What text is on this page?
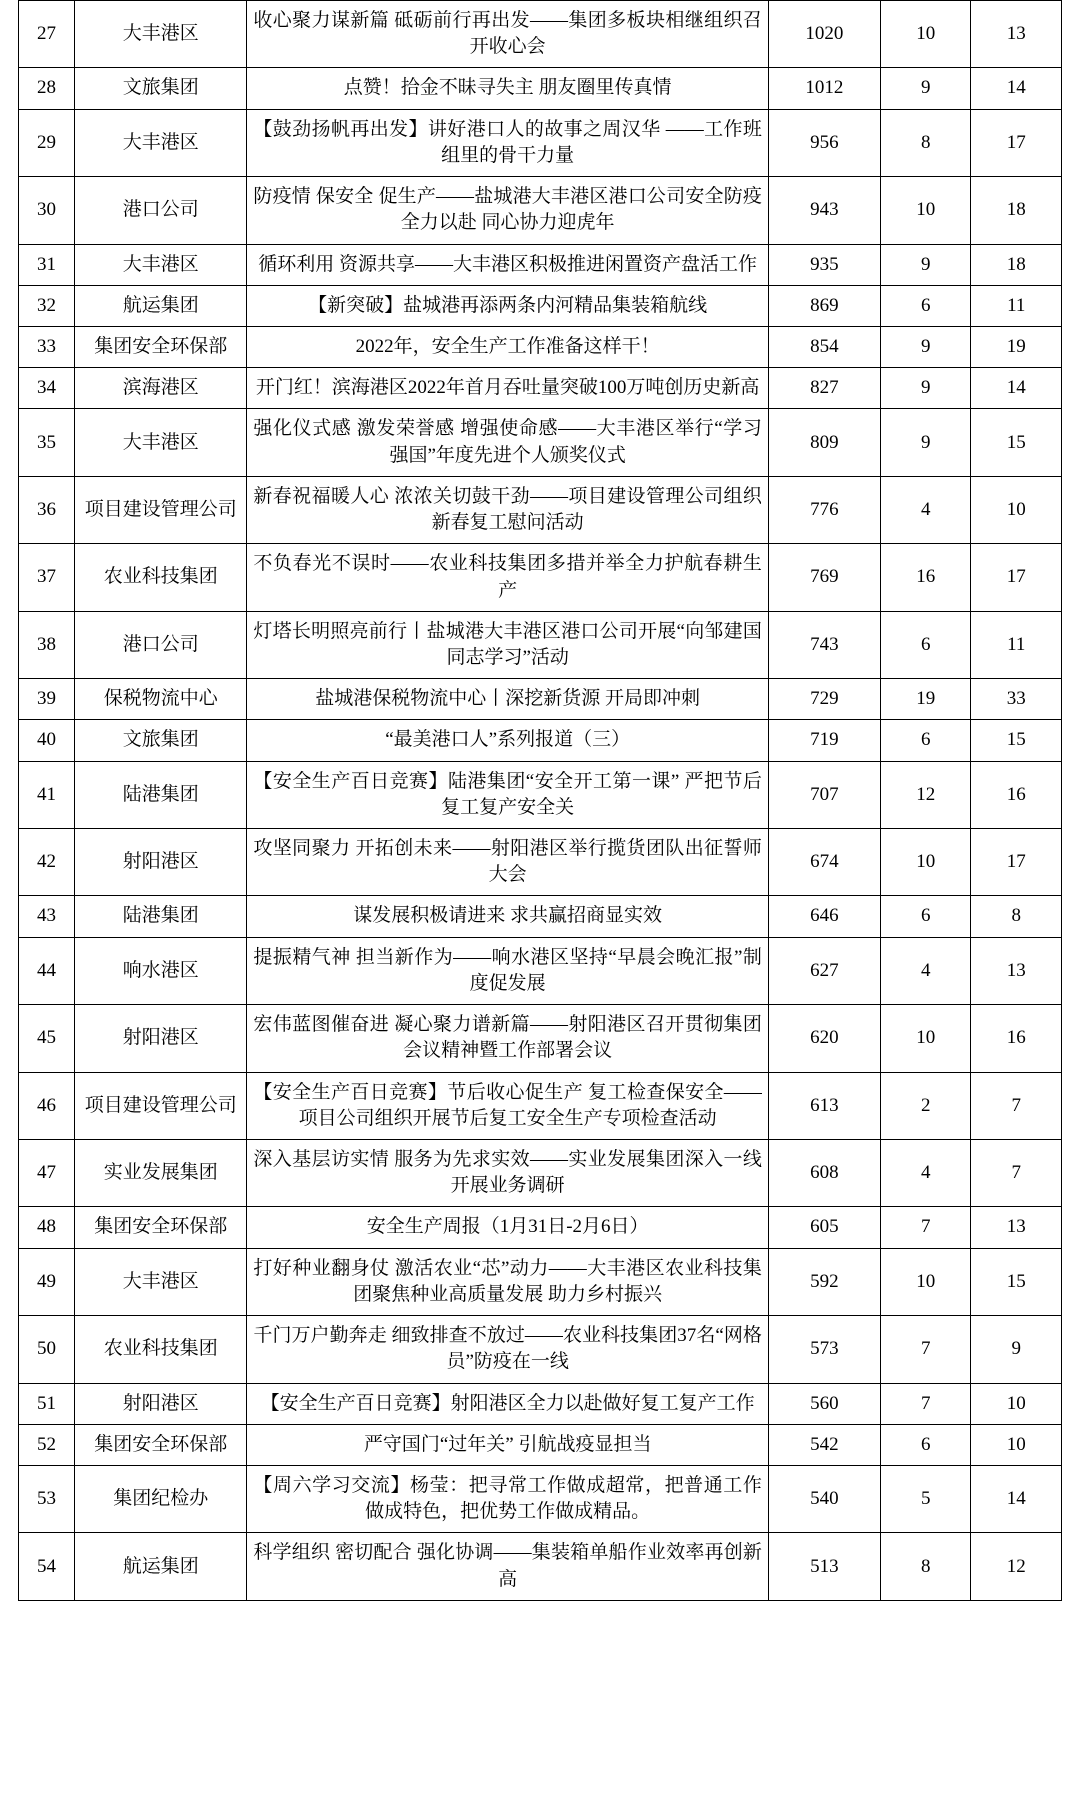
27	大丰港区	收心聚力谋新篇 砥砺前行再出发——集团多板块相继组织召开收心会	1020	10	13
28	文旅集团	点赞！拾金不昧寻失主 朋友圈里传真情	1012	9	14
29	大丰港区	【鼓劲扬帆再出发】讲好港口人的故事之周汉华 ——工作班组里的骨干力量	956	8	17
30	港口公司	防疫情 保安全 促生产——盐城港大丰港区港口公司安全防疫全力以赴 同心协力迎虎年	943	10	18
31	大丰港区	循环利用 资源共享——大丰港区积极推进闲置资产盘活工作	935	9	18
32	航运集团	【新突破】盐城港再添两条内河精品集装箱航线	869	6	11
33	集团安全环保部	2022年，安全生产工作准备这样干！	854	9	19
34	滨海港区	开门红！滨海港区2022年首月吞吐量突破100万吨创历史新高	827	9	14
35	大丰港区	强化仪式感 激发荣誉感 增强使命感——大丰港区举行“学习强国”年度先进个人颁奖仪式	809	9	15
36	项目建设管理公司	新春祝福暖人心 浓浓关切鼓干劲——项目建设管理公司组织新春复工慰问活动	776	4	10
37	农业科技集团	不负春光不误时——农业科技集团多措并举全力护航春耕生产	769	16	17
38	港口公司	灯塔长明照亮前行丨盐城港大丰港区港口公司开展“向邹建国同志学习”活动	743	6	11
39	保税物流中心	盐城港保税物流中心丨深挖新货源 开局即冲刺	729	19	33
40	文旅集团	“最美港口人”系列报道（三）	719	6	15
41	陆港集团	【安全生产百日竞赛】陆港集团“安全开工第一课” 严把节后复工复产安全关	707	12	16
42	射阳港区	攻坚同聚力 开拓创未来——射阳港区举行揽货团队出征誓师大会	674	10	17
43	陆港集团	谋发展积极请进来 求共赢招商显实效	646	6	8
44	响水港区	提振精气神 担当新作为——响水港区坚持“早晨会晚汇报”制度促发展	627	4	13
45	射阳港区	宏伟蓝图催奋进 凝心聚力谱新篇——射阳港区召开贯彻集团会议精神暨工作部署会议	620	10	16
46	项目建设管理公司	【安全生产百日竞赛】节后收心促生产 复工检查保安全——项目公司组织开展节后复工安全生产专项检查活动	613	2	7
47	实业发展集团	深入基层访实情 服务为先求实效——实业发展集团深入一线开展业务调研	608	4	7
48	集团安全环保部	安全生产周报（1月31日-2月6日）	605	7	13
49	大丰港区	打好种业翻身仗 激活农业“芯”动力——大丰港区农业科技集团聚焦种业高质量发展 助力乡村振兴	592	10	15
50	农业科技集团	千门万户勤奔走 细致排查不放过——农业科技集团37名“网格员”防疫在一线	573	7	9
51	射阳港区	【安全生产百日竞赛】射阳港区全力以赴做好复工复产工作	560	7	10
52	集团安全环保部	严守国门“过年关” 引航战疫显担当	542	6	10
53	集团纪检办	【周六学习交流】杨莹：把寻常工作做成超常，把普通工作做成特色，把优势工作做成精品。	540	5	14
54	航运集团	科学组织 密切配合 强化协调——集装箱单船作业效率再创新高	513	8	12
